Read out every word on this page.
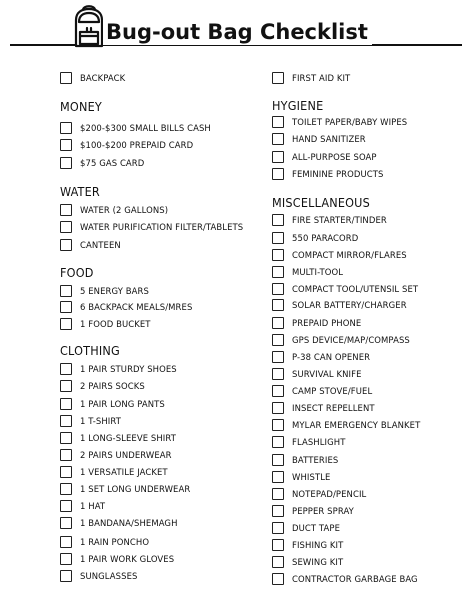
Bug-out Bag Checklist
BACKPACK
MONEY
$200-$300 SMALL BILLS CASH
$100-$200 PREPAID CARD
$75 GAS CARD
WATER
WATER (2 GALLONS)
WATER PURIFICATION FILTER/TABLETS
CANTEEN
FOOD
5 ENERGY BARS
6 BACKPACK MEALS/MRES
1 FOOD BUCKET
CLOTHING
1 PAIR STURDY SHOES
2 PAIRS SOCKS
1 PAIR LONG PANTS
1 T-SHIRT
1 LONG-SLEEVE SHIRT
2 PAIRS UNDERWEAR
1 VERSATILE JACKET
1 SET LONG UNDERWEAR
1 HAT
1 BANDANA/SHEMAGH
1 RAIN PONCHO
1 PAIR WORK GLOVES
SUNGLASSES
FIRST AID KIT
HYGIENE
TOILET PAPER/BABY WIPES
HAND SANITIZER
ALL-PURPOSE SOAP
FEMININE PRODUCTS
MISCELLANEOUS
FIRE STARTER/TINDER
550 PARACORD
COMPACT MIRROR/FLARES
MULTI-TOOL
COMPACT TOOL/UTENSIL SET
SOLAR BATTERY/CHARGER
PREPAID PHONE
GPS DEVICE/MAP/COMPASS
P-38 CAN OPENER
SURVIVAL KNIFE
CAMP STOVE/FUEL
INSECT REPELLENT
MYLAR EMERGENCY BLANKET
FLASHLIGHT
BATTERIES
WHISTLE
NOTEPAD/PENCIL
PEPPER SPRAY
DUCT TAPE
FISHING KIT
SEWING KIT
CONTRACTOR GARBAGE BAG
